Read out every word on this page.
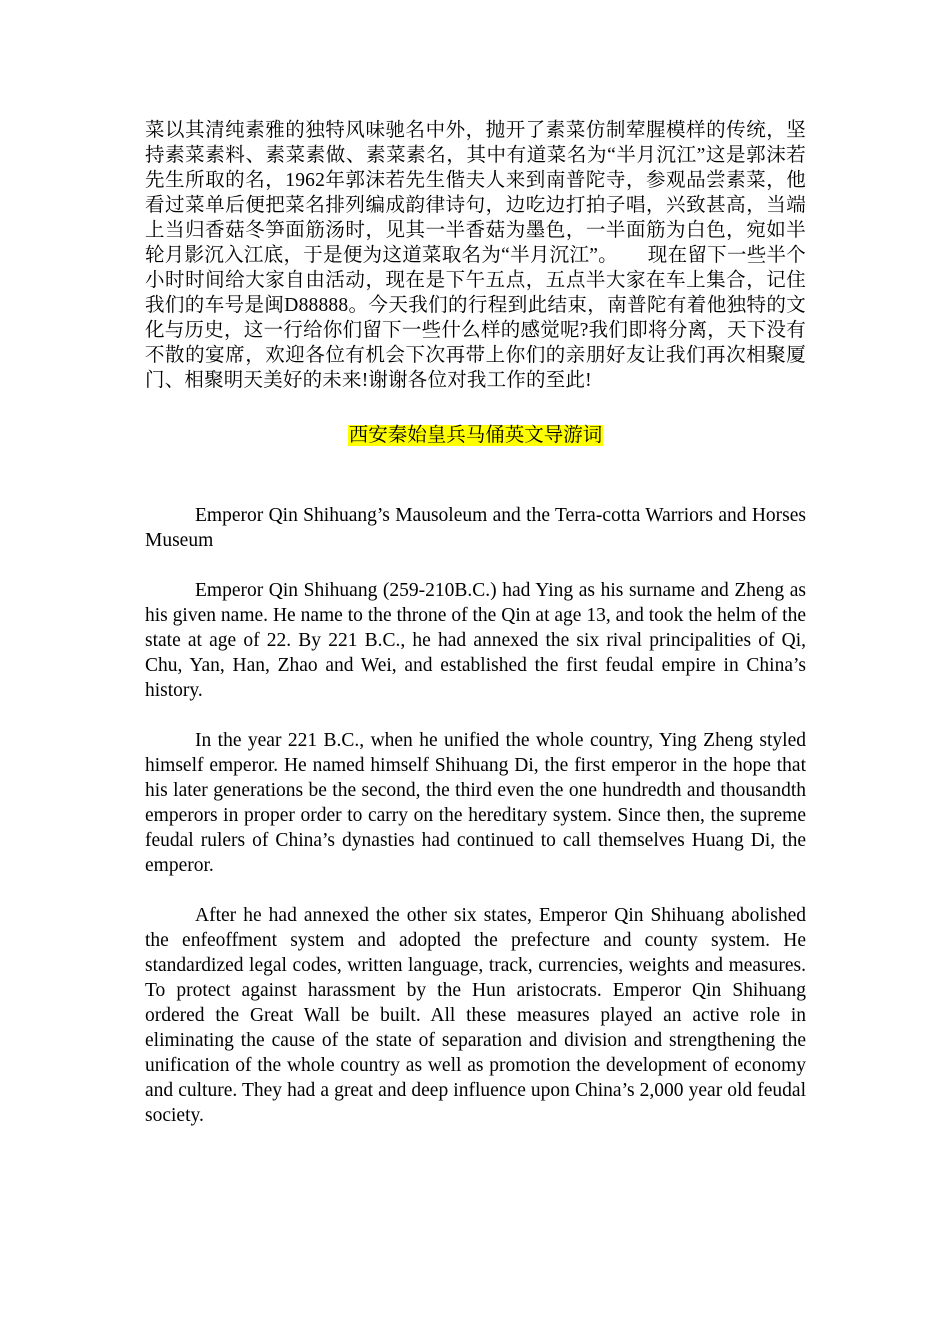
菜以其清纯素雅的独特风味驰名中外，抛开了素菜仿制荤腥模样的传统，坚持素菜素料、素菜素做、素菜素名，其中有道菜名为“半月沉江”这是郭沫若先生所取的名，1962年郭沫若先生偕夫人来到南普陀寺，参观品尝素菜，他看过菜单后便把菜名排列编成韵律诗句，边吃边打拍子唱，兴致甚高，当端上当归香菇冬笋面筋汤时，见其一半香菇为墨色，一半面筋为白色，宛如半轮月影沉入江底，于是便为这道菜取名为“半月沉江”。　　现在留下一些半个小时时间给大家自由活动，现在是下午五点，五点半大家在车上集合，记住我们的车号是闽D88888。今天我们的行程到此结束，南普陀有着他独特的文化与历史，这一行给你们留下一些什么样的感觉呢?我们即将分离，天下没有不散的宴席，欢迎各位有机会下次再带上你们的亲朋好友让我们再次相聚厦门、相聚明天美好的未来!谢谢各位对我工作的至此!

西安秦始皇兵马俑英文导游词

Emperor Qin Shihuang’s Mausoleum and the Terra-cotta Warriors and Horses Museum

Emperor Qin Shihuang (259-210B.C.) had Ying as his surname and Zheng as his given name. He name to the throne of the Qin at age 13, and took the helm of the state at age of 22. By 221 B.C., he had annexed the six rival principalities of Qi, Chu, Yan, Han, Zhao and Wei, and established the first feudal empire in China’s history.

In the year 221 B.C., when he unified the whole country, Ying Zheng styled himself emperor. He named himself Shihuang Di, the first emperor in the hope that his later generations be the second, the third even the one hundredth and thousandth emperors in proper order to carry on the hereditary system. Since then, the supreme feudal rulers of China’s dynasties had continued to call themselves Huang Di, the emperor.

After he had annexed the other six states, Emperor Qin Shihuang abolished the enfeoffment system and adopted the prefecture and county system. He standardized legal codes, written language, track, currencies, weights and measures. To protect against harassment by the Hun aristocrats. Emperor Qin Shihuang ordered the Great Wall be built. All these measures played an active role in eliminating the cause of the state of separation and division and strengthening the unification of the whole country as well as promotion the development of economy and culture. They had a great and deep influence upon China’s 2,000 year old feudal society.
